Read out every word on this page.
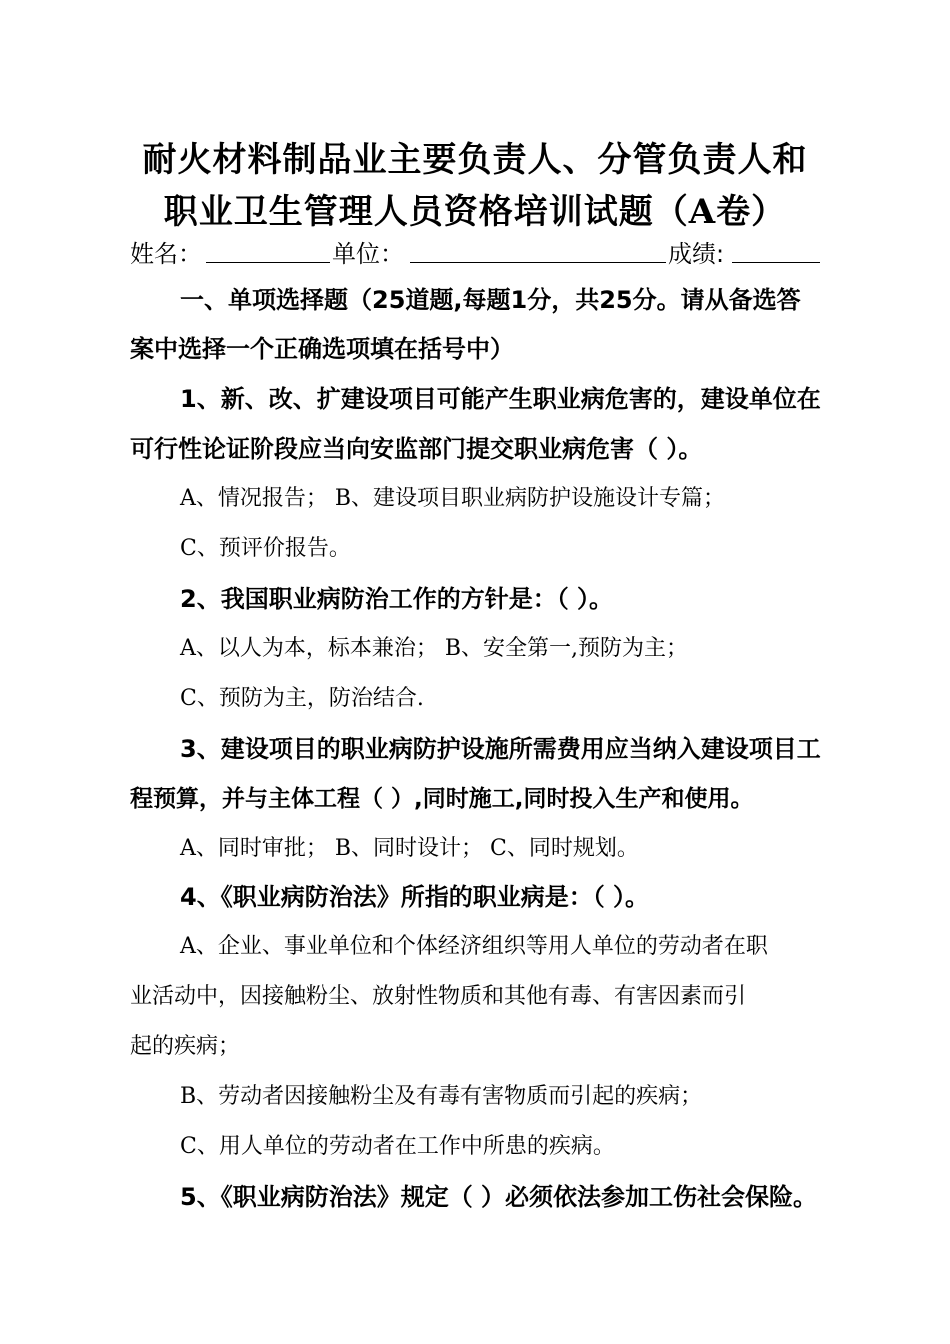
耐火材料制品业主要负责人、分管负责人和
职业卫生管理人员资格培训试题（A卷）
姓名：	单位：	成绩:
一、单项选择题（25道题,每题1分，共25分。请从备选答
案中选择一个正确选项填在括号中）
1、新、改、扩建设项目可能产生职业病危害的，建设单位在
可行性论证阶段应当向安监部门提交职业病危害（ ）。
A、情况报告； B、建设项目职业病防护设施设计专篇；
C、预评价报告。
2、我国职业病防治工作的方针是：（ ）。
A、以人为本，标本兼治； B、安全第一,预防为主；
C、预防为主，防治结合.
3、建设项目的职业病防护设施所需费用应当纳入建设项目工
程预算，并与主体工程（ ）,同时施工,同时投入生产和使用。
A、同时审批； B、同时设计； C、同时规划。
4、《职业病防治法》所指的职业病是：（ ）。
A、企业、事业单位和个体经济组织等用人单位的劳动者在职
业活动中，因接触粉尘、放射性物质和其他有毒、有害因素而引
起的疾病；
B、劳动者因接触粉尘及有毒有害物质而引起的疾病；
C、用人单位的劳动者在工作中所患的疾病。
5、《职业病防治法》规定（ ）必须依法参加工伤社会保险。
